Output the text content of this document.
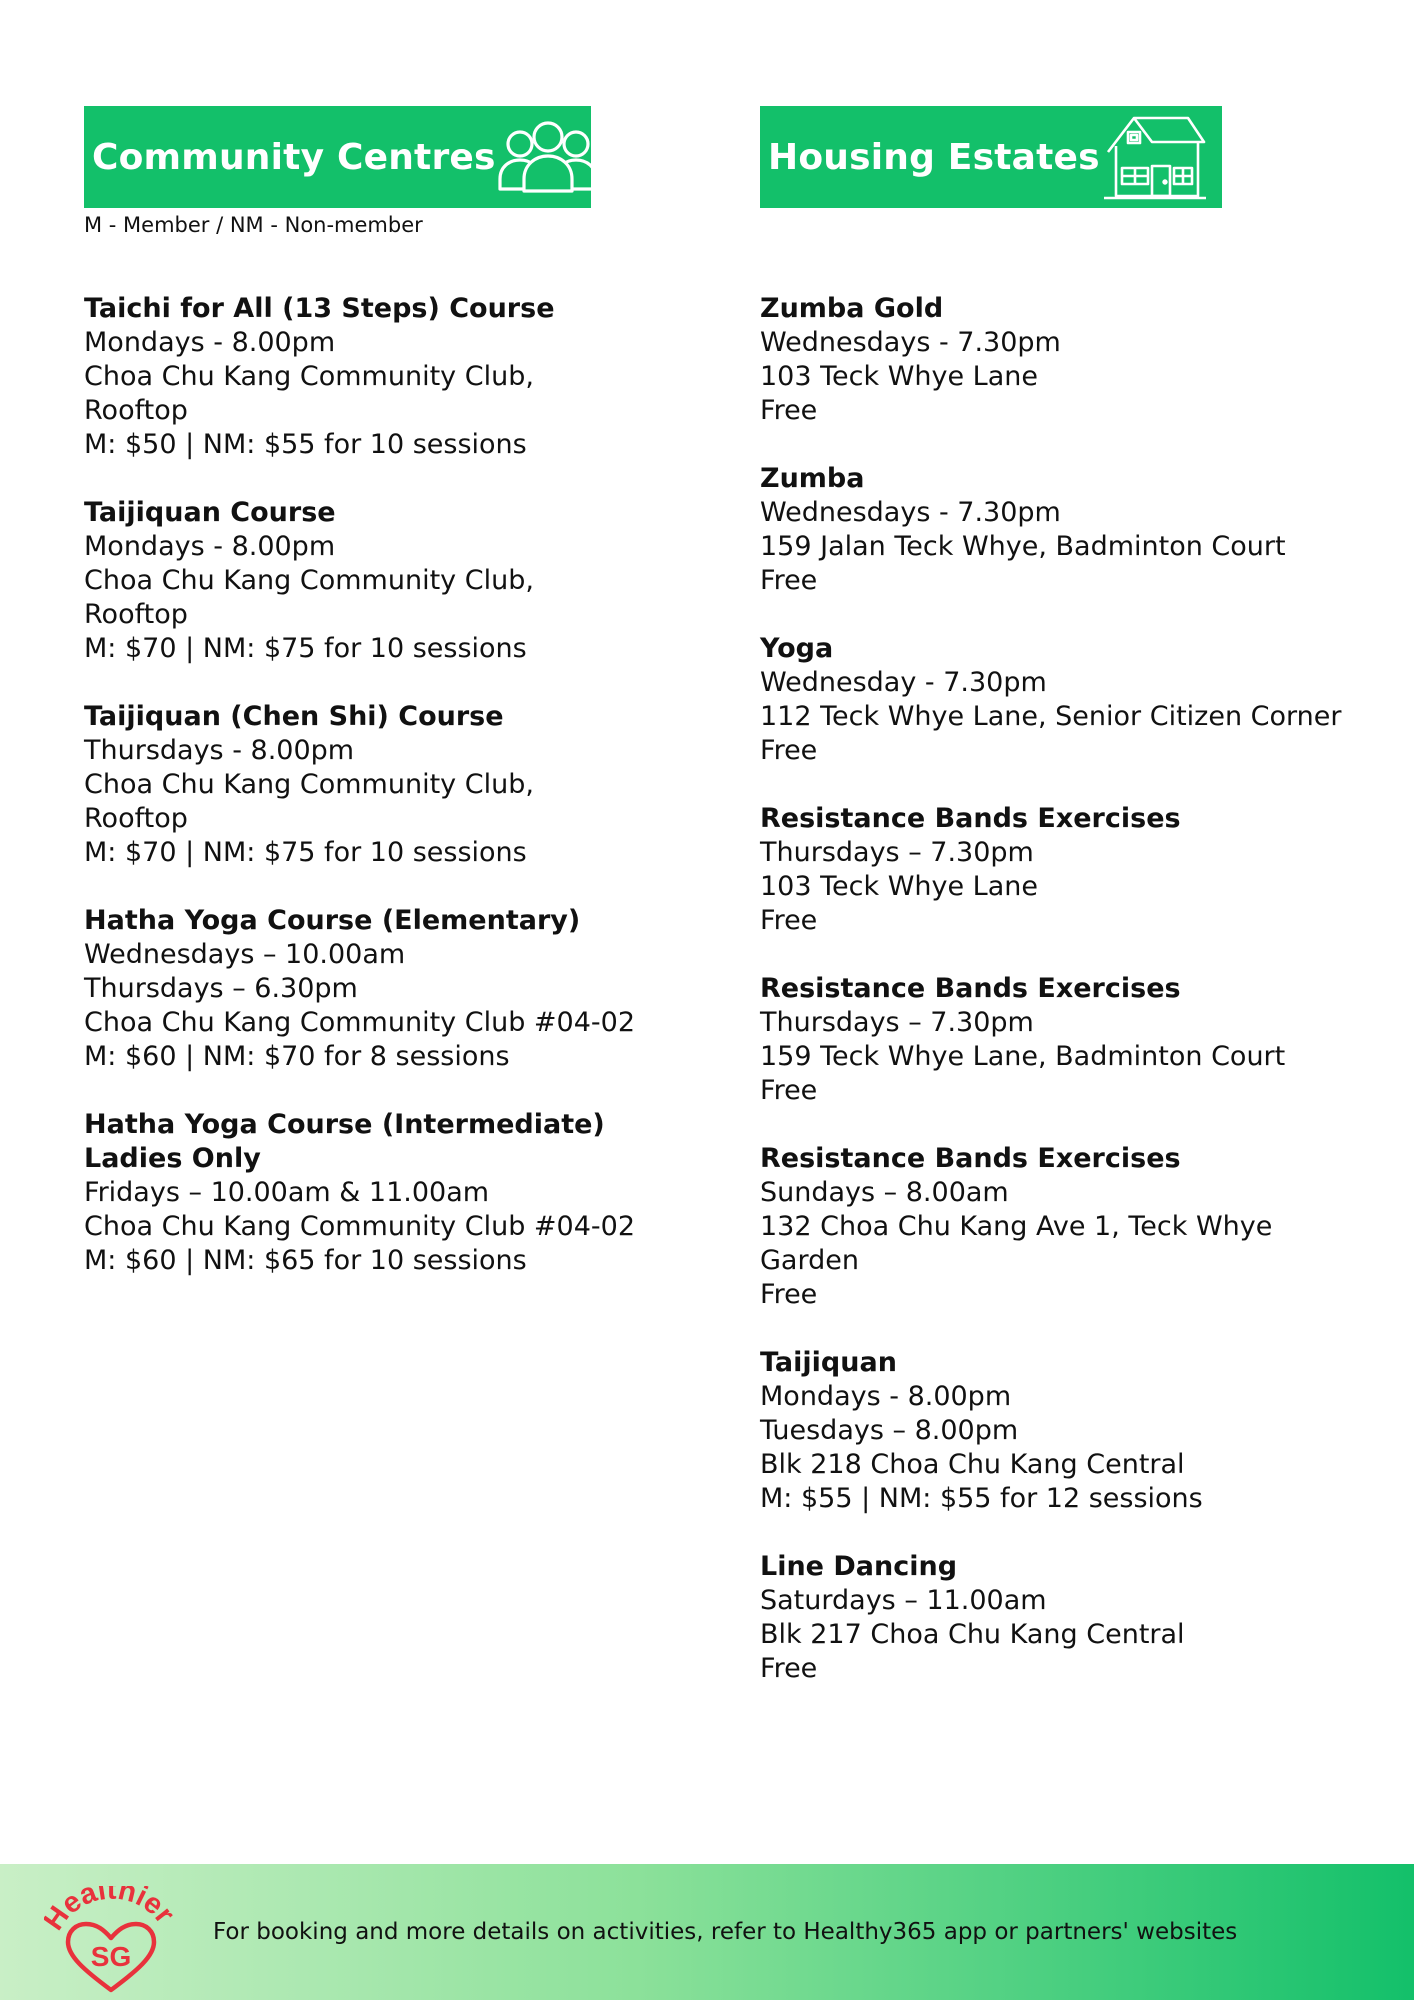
Community Centres
M - Member / NM - Non-member
Taichi for All (13 Steps) Course
Mondays - 8.00pm
Choa Chu Kang Community Club,
Rooftop
M: $50 | NM: $55 for 10 sessions
Taijiquan Course
Mondays - 8.00pm
Choa Chu Kang Community Club,
Rooftop
M: $70 | NM: $75 for 10 sessions
Taijiquan (Chen Shi) Course
Thursdays - 8.00pm
Choa Chu Kang Community Club,
Rooftop
M: $70 | NM: $75 for 10 sessions
Hatha Yoga Course (Elementary)
Wednesdays – 10.00am
Thursdays – 6.30pm
Choa Chu Kang Community Club #04-02
M: $60 | NM: $70 for 8 sessions
Hatha Yoga Course (Intermediate)
Ladies Only
Fridays – 10.00am & 11.00am
Choa Chu Kang Community Club #04-02
M: $60 | NM: $65 for 10 sessions
Housing Estates
Zumba Gold
Wednesdays - 7.30pm
103 Teck Whye Lane
Free
Zumba
Wednesdays - 7.30pm
159 Jalan Teck Whye, Badminton Court
Free
Yoga
Wednesday - 7.30pm
112 Teck Whye Lane, Senior Citizen Corner
Free
Resistance Bands Exercises
Thursdays – 7.30pm
103 Teck Whye Lane
Free
Resistance Bands Exercises
Thursdays – 7.30pm
159 Teck Whye Lane, Badminton Court
Free
Resistance Bands Exercises
Sundays – 8.00am
132 Choa Chu Kang Ave 1, Teck Whye
Garden
Free
Taijiquan
Mondays - 8.00pm
Tuesdays – 8.00pm
Blk 218 Choa Chu Kang Central
M: $55 | NM: $55 for 12 sessions
Line Dancing
Saturdays – 11.00am
Blk 217 Choa Chu Kang Central
Free
Healthier
SG
For booking and more details on activities, refer to Healthy365 app or partners' websites
